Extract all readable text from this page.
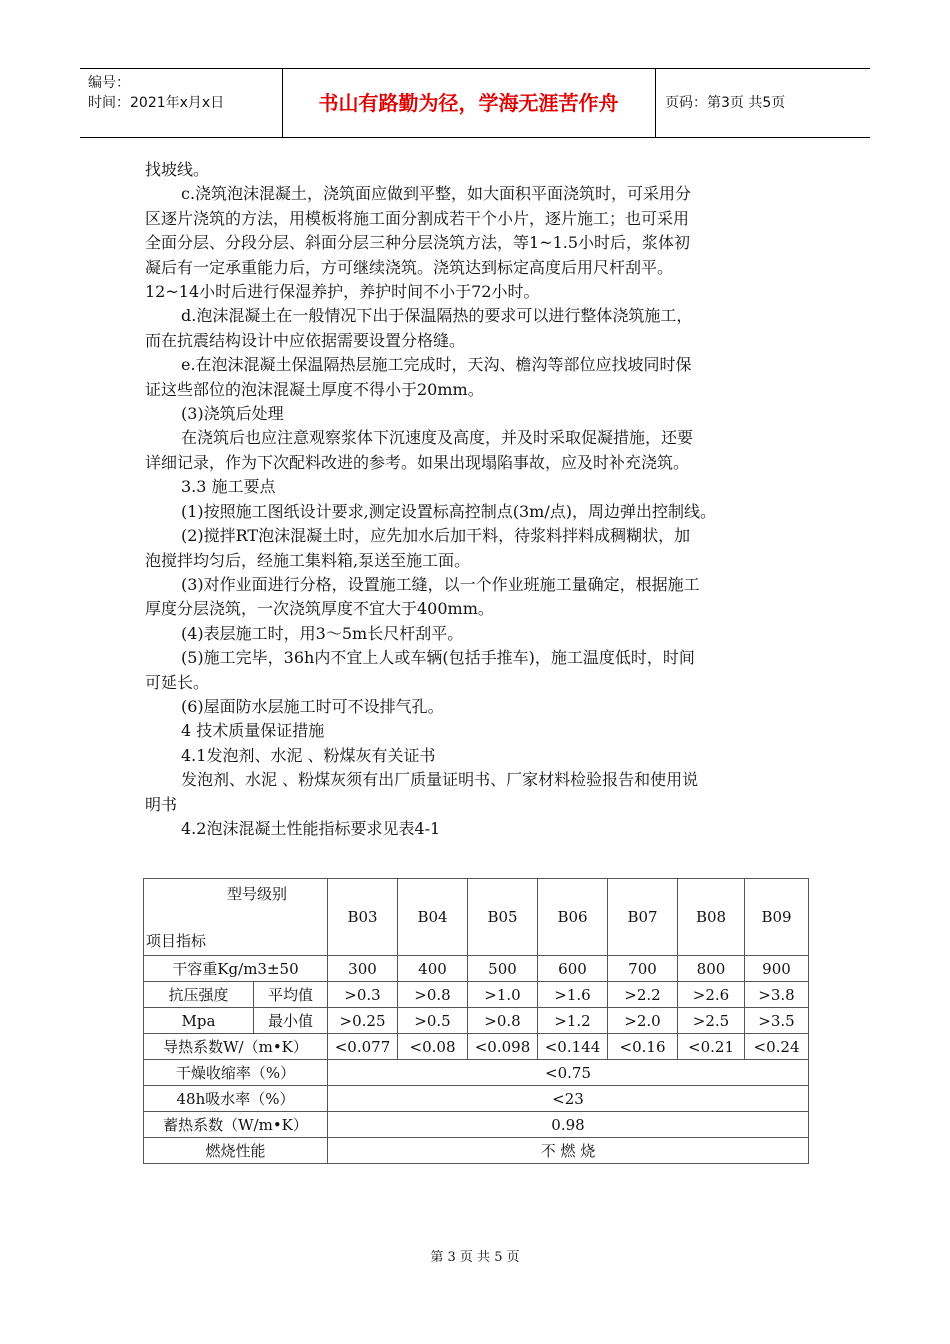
编号：
时间：2021年x月x日	书山有路勤为径，学海无涯苦作舟	页码：第3页 共5页

找坡线。

c.浇筑泡沫混凝土，浇筑面应做到平整，如大面积平面浇筑时，可采用分

区逐片浇筑的方法，用模板将施工面分割成若干个小片，逐片施工；也可采用

全面分层、分段分层、斜面分层三种分层浇筑方法，等1~1.5小时后，浆体初

凝后有一定承重能力后，方可继续浇筑。浇筑达到标定高度后用尺杆刮平。

12~14小时后进行保湿养护，养护时间不小于72小时。

d.泡沫混凝土在一般情况下出于保温隔热的要求可以进行整体浇筑施工，

而在抗震结构设计中应依据需要设置分格缝。

e.在泡沫混凝土保温隔热层施工完成时，天沟、檐沟等部位应找坡同时保

证这些部位的泡沫混凝土厚度不得小于20mm。

(3)浇筑后处理

在浇筑后也应注意观察浆体下沉速度及高度，并及时采取促凝措施，还要

详细记录，作为下次配料改进的参考。如果出现塌陷事故，应及时补充浇筑。

3.3 施工要点

(1)按照施工图纸设计要求,测定设置标高控制点(3m/点)，周边弹出控制线。

(2)搅拌RT泡沫混凝土时，应先加水后加干料，待浆料拌料成稠糊状，加

泡搅拌均匀后，经施工集料箱,泵送至施工面。

(3)对作业面进行分格，设置施工缝，以一个作业班施工量确定，根据施工

厚度分层浇筑，一次浇筑厚度不宜大于400mm。

(4)表层施工时，用3～5m长尺杆刮平。

(5)施工完毕，36h内不宜上人或车辆(包括手推车)，施工温度低时，时间

可延长。

(6)屋面防水层施工时可不设排气孔。

4 技术质量保证措施

4.1发泡剂、水泥 、粉煤灰有关证书

发泡剂、水泥 、粉煤灰须有出厂质量证明书、厂家材料检验报告和使用说

明书

4.2泡沫混凝土性能指标要求见表4-1

型号级别
项目指标		B03	B04	B05	B06	B07	B08	B09
干容重Kg/m3±50		300	400	500	600	700	800	900
抗压强度	平均值	>0.3	>0.8	>1.0	>1.6	>2.2	>2.6	>3.8
Mpa	最小值	>0.25	>0.5	>0.8	>1.2	>2.0	>2.5	>3.5
导热系数W/（m•K）		<0.077	<0.08	<0.098	<0.144	<0.16	<0.21	<0.24
干燥收缩率（%）		<0.75						
48h吸水率（%）		<23						
蓄热系数（W/m•K）		0.98						
燃烧性能		不 燃 烧						
第 3 页 共 5 页
